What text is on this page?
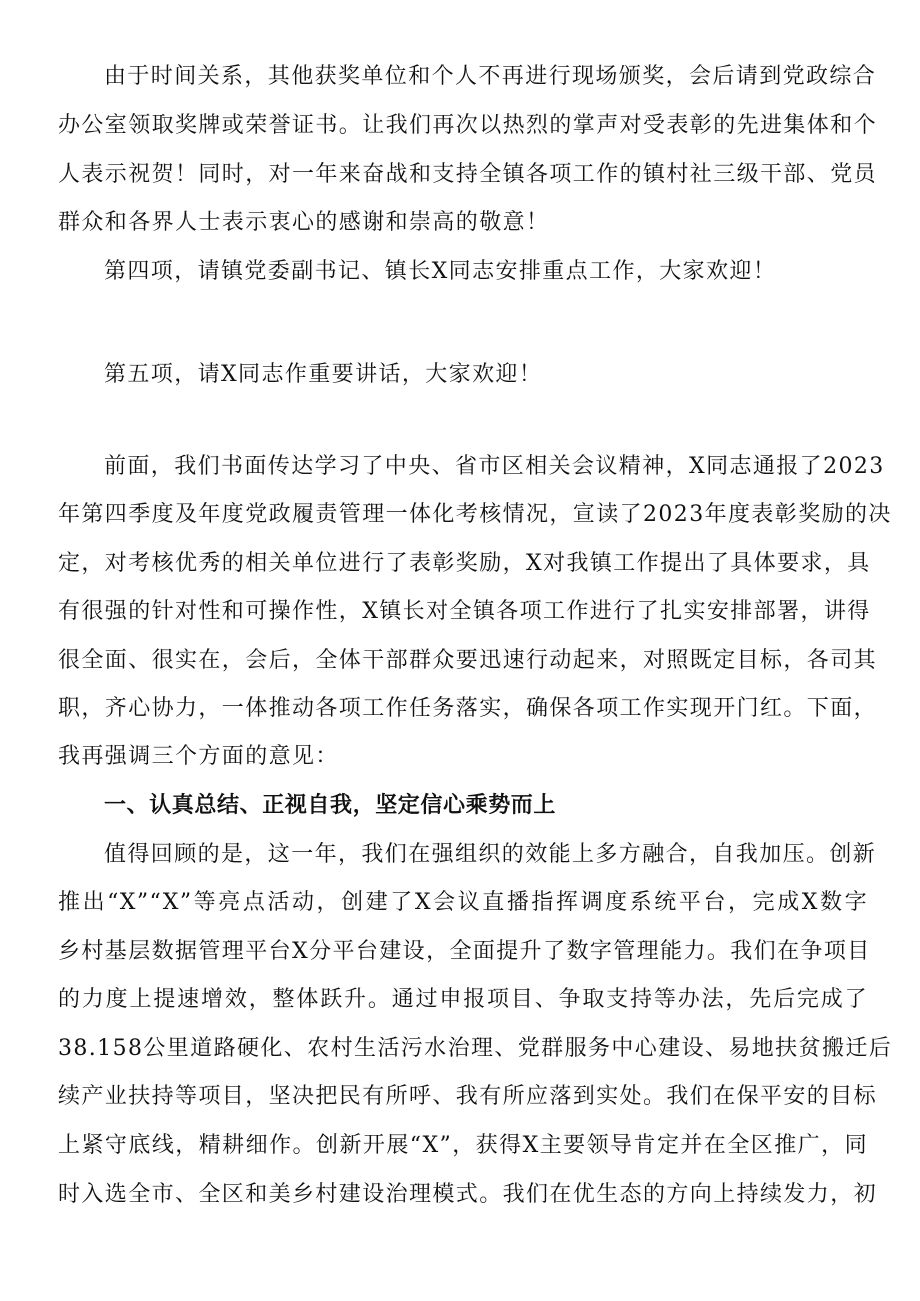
由于时间关系，其他获奖单位和个人不再进行现场颁奖，会后请到党政综合
办公室领取奖牌或荣誉证书。让我们再次以热烈的掌声对受表彰的先进集体和个
人表示祝贺！同时，对一年来奋战和支持全镇各项工作的镇村社三级干部、党员
群众和各界人士表示衷心的感谢和崇高的敬意！
第四项，请镇党委副书记、镇长X同志安排重点工作，大家欢迎！
第五项，请X同志作重要讲话，大家欢迎！
前面，我们书面传达学习了中央、省市区相关会议精神，X同志通报了2023
年第四季度及年度党政履责管理一体化考核情况，宣读了2023年度表彰奖励的决
定，对考核优秀的相关单位进行了表彰奖励，X对我镇工作提出了具体要求，具
有很强的针对性和可操作性，X镇长对全镇各项工作进行了扎实安排部署，讲得
很全面、很实在，会后，全体干部群众要迅速行动起来，对照既定目标，各司其
职，齐心协力，一体推动各项工作任务落实，确保各项工作实现开门红。下面，
我再强调三个方面的意见：
一、认真总结、正视自我，坚定信心乘势而上
值得回顾的是，这一年，我们在强组织的效能上多方融合，自我加压。创新
推出“X”“X”等亮点活动，创建了X会议直播指挥调度系统平台，完成X数字
乡村基层数据管理平台X分平台建设，全面提升了数字管理能力。我们在争项目
的力度上提速增效，整体跃升。通过申报项目、争取支持等办法，先后完成了
38.158公里道路硬化、农村生活污水治理、党群服务中心建设、易地扶贫搬迁后
续产业扶持等项目，坚决把民有所呼、我有所应落到实处。我们在保平安的目标
上紧守底线，精耕细作。创新开展“X”，获得X主要领导肯定并在全区推广，同
时入选全市、全区和美乡村建设治理模式。我们在优生态的方向上持续发力，初
